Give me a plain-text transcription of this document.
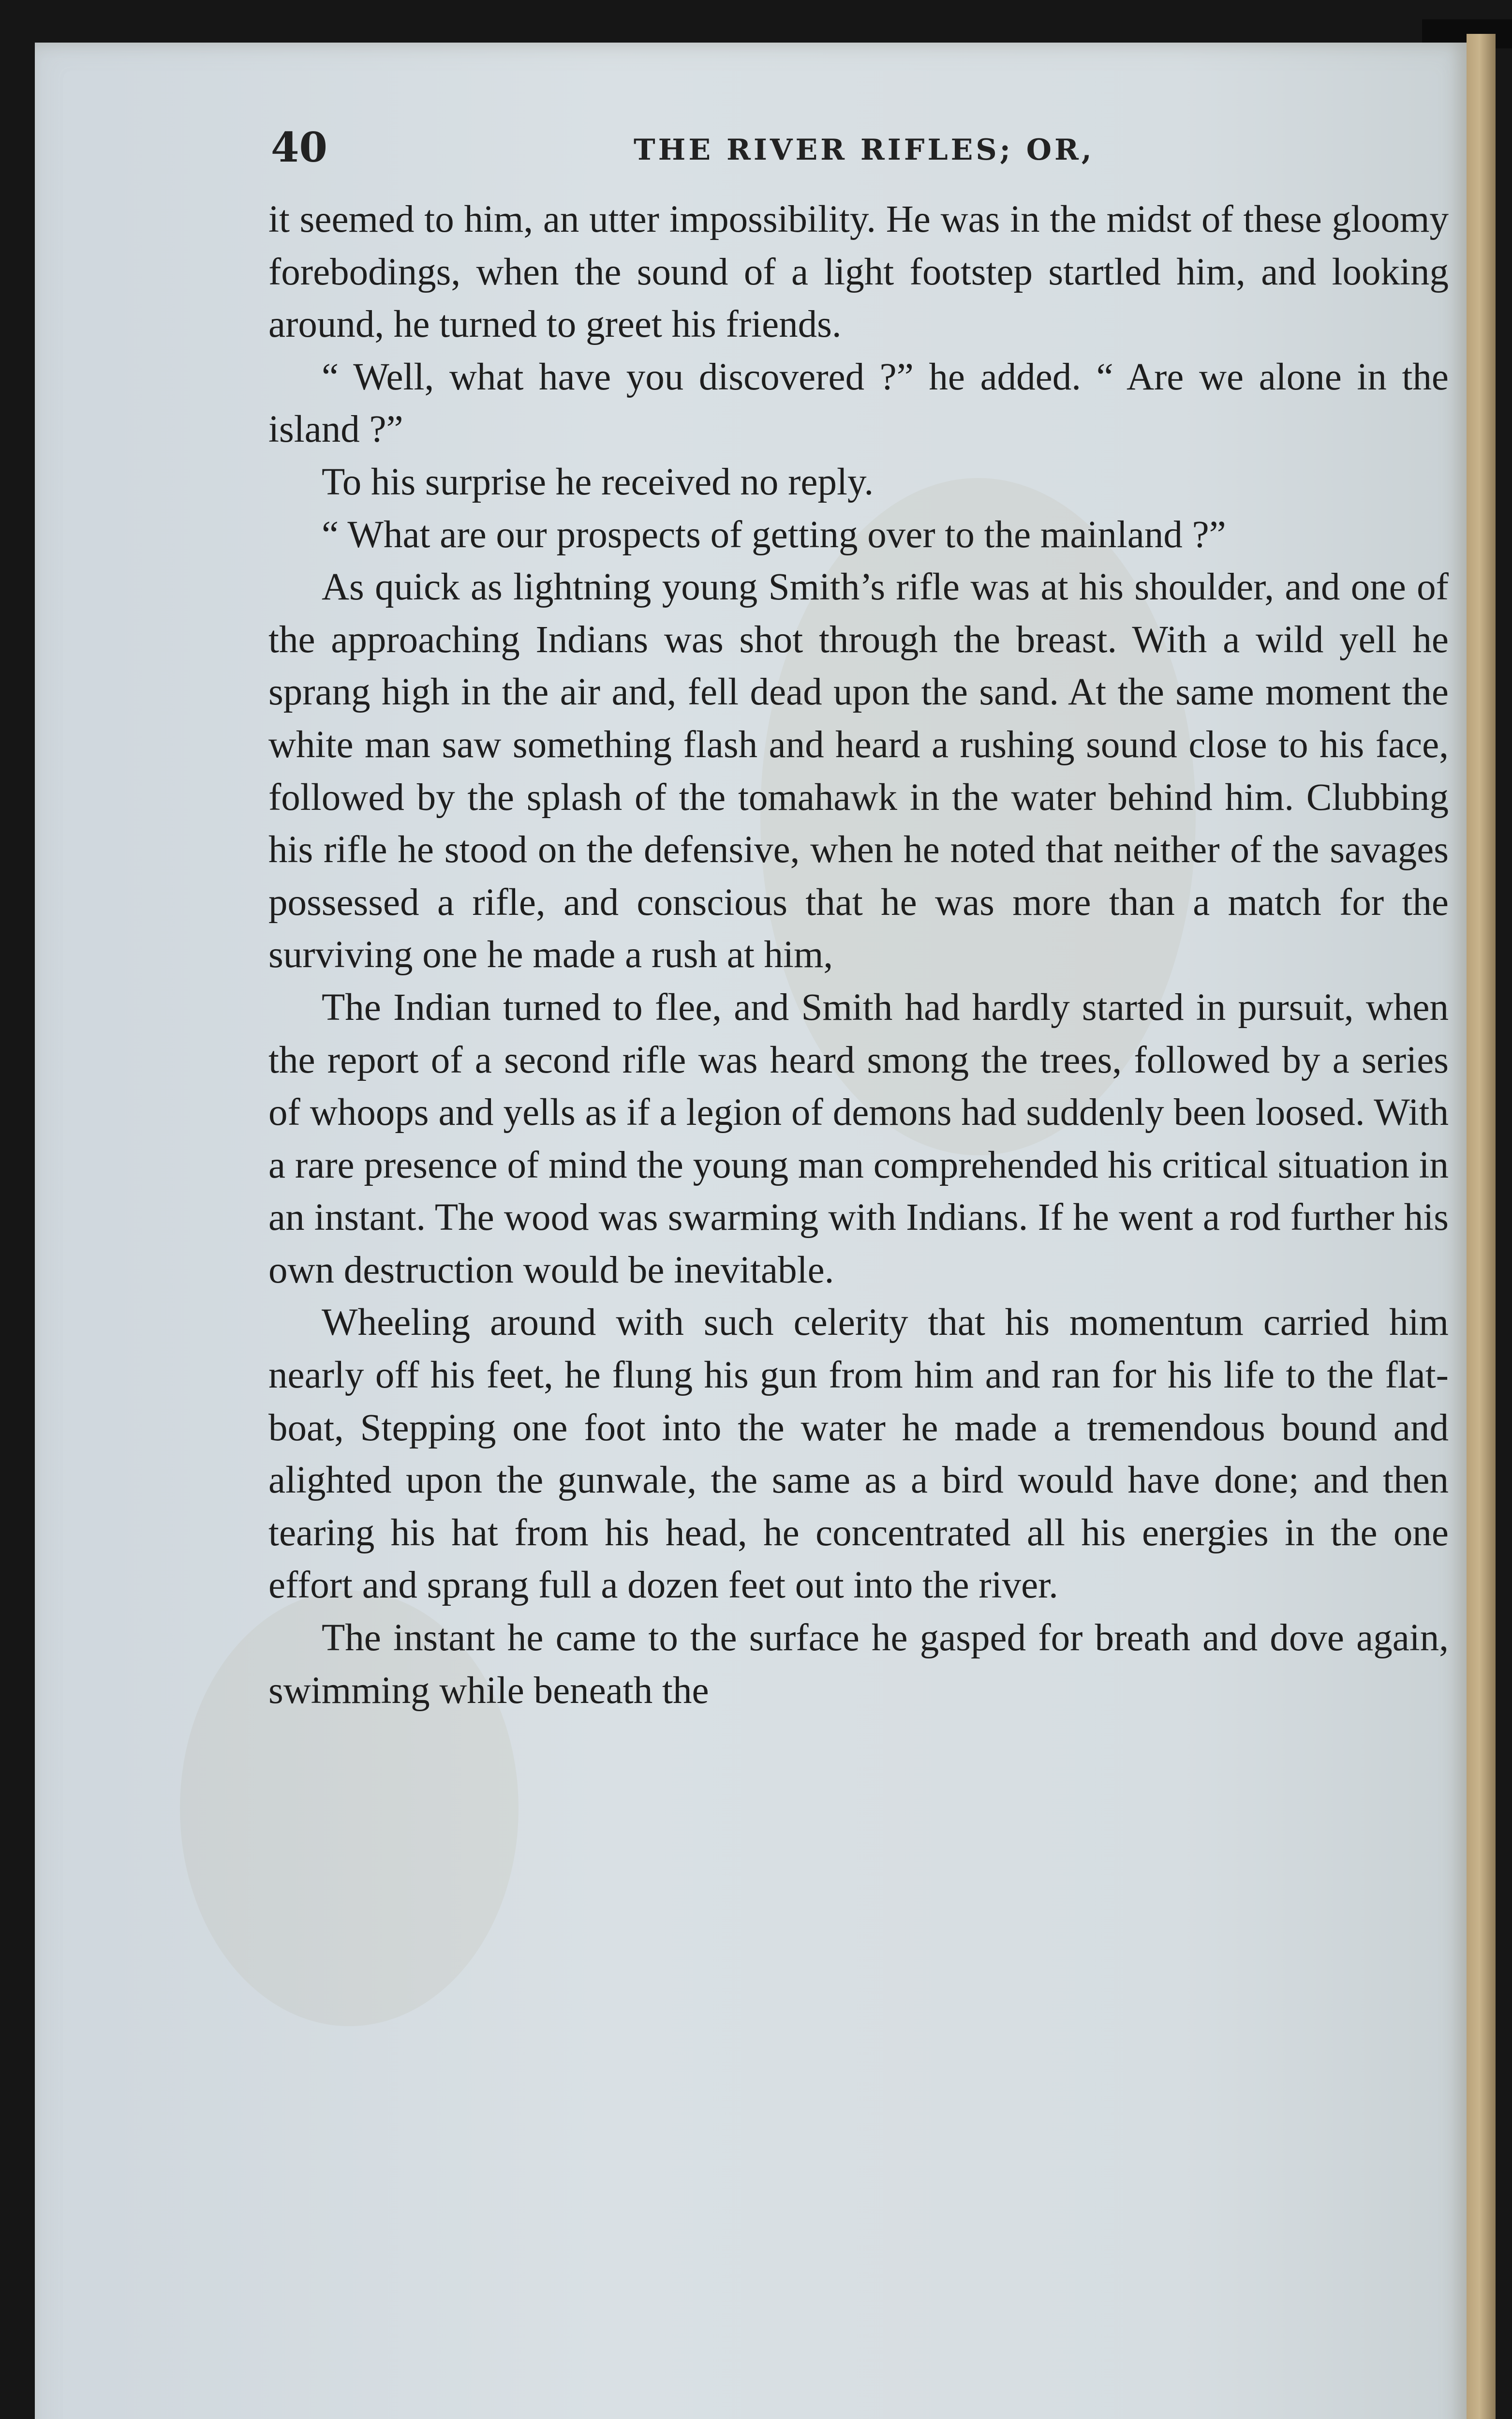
40	THE RIVER RIFLES; OR,

it seemed to him, an utter impossibility. He was in the midst of these gloomy forebodings, when the sound of a light footstep startled him, and looking around, he turned to greet his friends.

“ Well, what have you discovered ?” he added. “ Are we alone in the island ?”

To his surprise he received no reply.

“ What are our prospects of getting over to the mainland ?”

As quick as lightning young Smith’s rifle was at his shoulder, and one of the approaching Indians was shot through the breast. With a wild yell he sprang high in the air and, fell dead upon the sand. At the same moment the white man saw something flash and heard a rushing sound close to his face, followed by the splash of the tomahawk in the water behind him. Clubbing his rifle he stood on the defensive, when he noted that neither of the savages possessed a rifle, and conscious that he was more than a match for the surviving one he made a rush at him,

The Indian turned to flee, and Smith had hardly started in pursuit, when the report of a second rifle was heard smong the trees, followed by a series of whoops and yells as if a legion of demons had suddenly been loosed. With a rare presence of mind the young man comprehended his critical situation in an instant. The wood was swarming with Indians. If he went a rod further his own destruction would be inevitable.

Wheeling around with such celerity that his momentum carried him nearly off his feet, he flung his gun from him and ran for his life to the flat-boat, Stepping one foot into the water he made a tremendous bound and alighted upon the gunwale, the same as a bird would have done; and then tearing his hat from his head, he concentrated all his energies in the one effort and sprang full a dozen feet out into the river.

The instant he came to the surface he gasped for breath and dove again, swimming while beneath the
